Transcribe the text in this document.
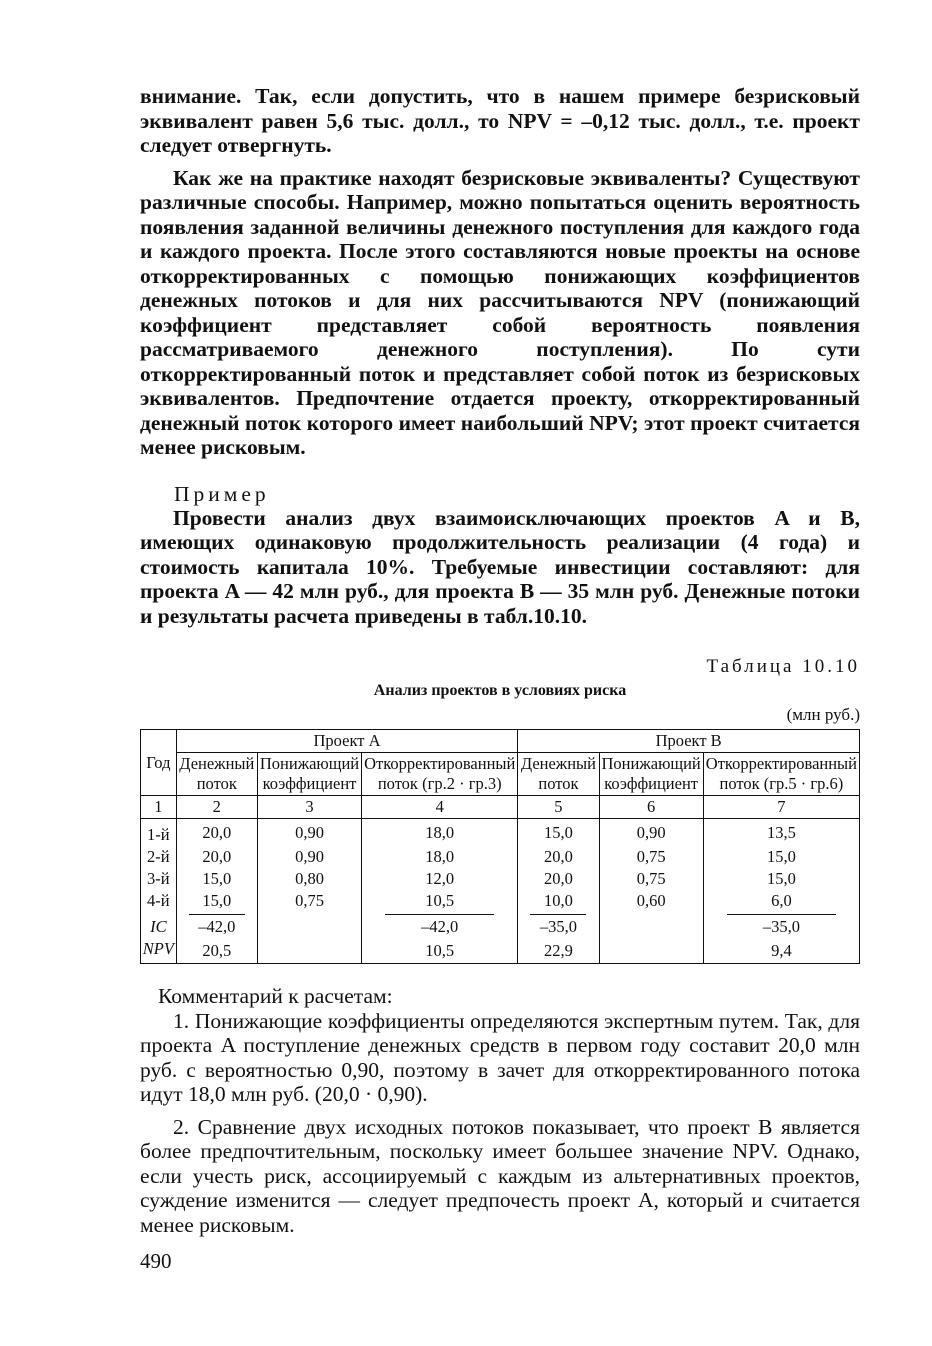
внимание. Так, если допустить, что в нашем примере безрисковый эквивалент равен 5,6 тыс. долл., то NPV = –0,12 тыс. долл., т.е. проект следует отвергнуть.

Как же на практике находят безрисковые эквиваленты? Существуют различные способы. Например, можно попытаться оценить вероятность появления заданной величины денежного поступления для каждого года и каждого проекта. После этого составляются новые проекты на основе откорректированных с помощью понижающих коэффициентов денежных потоков и для них рассчитываются NPV (понижающий коэффициент представляет собой вероятность появления рассматриваемого денежного поступления). По сути откорректированный поток и представляет собой поток из безрисковых эквивалентов. Предпочтение отдается проекту, откорректированный денежный поток которого имеет наибольший NPV; этот проект считается менее рисковым.

Пример

Провести анализ двух взаимоисключающих проектов A и B, имеющих одинаковую продолжительность реализации (4 года) и стоимость капитала 10%. Требуемые инвестиции составляют: для проекта A — 42 млн руб., для проекта B — 35 млн руб. Денежные потоки и результаты расчета приведены в табл.10.10.

Таблица 10.10
Анализ проектов в условиях риска
(млн руб.)
Год	Проект A			Проект B		
	Денежный поток	Понижающий коэффициент	Откорректированный поток (гр.2 · гр.3)	Денежный поток	Понижающий коэффициент	Откорректированный поток (гр.5 · гр.6)
1	2	3	4	5	6	7
1-й	20,0	0,90	18,0	15,0	0,90	13,5
2-й	20,0	0,90	18,0	20,0	0,75	15,0
3-й	15,0	0,80	12,0	20,0	0,75	15,0
4-й	15,0	0,75	10,5	10,0	0,60	6,0

IC	–42,0		–42,0	–35,0		–35,0
NPV	20,5		10,5	22,9		9,4

Комментарий к расчетам:

1. Понижающие коэффициенты определяются экспертным путем. Так, для проекта A поступление денежных средств в первом году составит 20,0 млн руб. с вероятностью 0,90, поэтому в зачет для откорректированного потока идут 18,0 млн руб. (20,0 · 0,90).

2. Сравнение двух исходных потоков показывает, что проект B является более предпочтительным, поскольку имеет большее значение NPV. Однако, если учесть риск, ассоциируемый с каждым из альтернативных проектов, суждение изменится — следует предпочесть проект A, который и считается менее рисковым.

490
